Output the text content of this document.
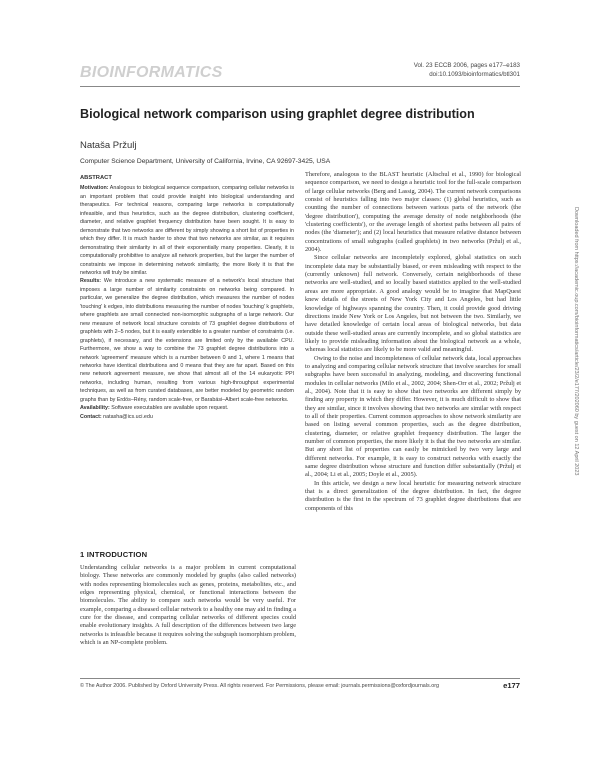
BIOINFORMATICS	Vol. 23 ECCB 2006, pages e177–e183
doi:10.1093/bioinformatics/btl301
Biological network comparison using graphlet degree distribution
Nataša Pržulj
Computer Science Department, University of California, Irvine, CA 92697-3425, USA

ABSTRACT

Motivation: Analogous to biological sequence comparison, comparing cellular networks is an important problem that could provide insight into biological understanding and therapeutics. For technical reasons, comparing large networks is computationally infeasible, and thus heuristics, such as the degree distribution, clustering coefficient, diameter, and relative graphlet frequency distribution have been sought. It is easy to demonstrate that two networks are different by simply showing a short list of properties in which they differ. It is much harder to show that two networks are similar, as it requires demonstrating their similarity in all of their exponentially many properties. Clearly, it is computationally prohibitive to analyze all network properties, but the larger the number of constraints we impose in determining network similarity, the more likely it is that the networks will truly be similar.

Results: We introduce a new systematic measure of a network's local structure that imposes a large number of similarity constraints on networks being compared. In particular, we generalize the degree distribution, which measures the number of nodes 'touching' k edges, into distributions measuring the number of nodes 'touching' k graphlets, where graphlets are small connected non-isomorphic subgraphs of a large network. Our new measure of network local structure consists of 73 graphlet degree distributions of graphlets with 2–5 nodes, but it is easily extendible to a greater number of constraints (i.e. graphlets), if necessary, and the extensions are limited only by the available CPU. Furthermore, we show a way to combine the 73 graphlet degree distributions into a network 'agreement' measure which is a number between 0 and 1, where 1 means that networks have identical distributions and 0 means that they are far apart. Based on this new network agreement measure, we show that almost all of the 14 eukaryotic PPI networks, including human, resulting from various high-throughput experimental techniques, as well as from curated databases, are better modeled by geometric random graphs than by Erdös–Rény, random scale-free, or Barabási–Albert scale-free networks.

Availability: Software executables are available upon request.

Contact: natasha@ics.uci.edu

1 INTRODUCTION

Understanding cellular networks is a major problem in current computational biology. These networks are commonly modeled by graphs (also called networks) with nodes representing biomolecules such as genes, proteins, metabolites, etc., and edges representing physical, chemical, or functional interactions between the biomolecules. The ability to compare such networks would be very useful. For example, comparing a diseased cellular network to a healthy one may aid in finding a cure for the disease, and comparing cellular networks of different species could enable evolutionary insights. A full description of the differences between two large networks is infeasible because it requires solving the subgraph isomorphism problem, which is an NP-complete problem.

Therefore, analogous to the BLAST heuristic (Altschul et al., 1990) for biological sequence comparison, we need to design a heuristic tool for the full-scale comparison of large cellular networks (Berg and Lassig, 2004). The current network comparisons consist of heuristics falling into two major classes: (1) global heuristics, such as counting the number of connections between various parts of the network (the 'degree distribution'), computing the average density of node neighborhoods (the 'clustering coefficients'), or the average length of shortest paths between all pairs of nodes (the 'diameter'); and (2) local heuristics that measure relative distance between concentrations of small subgraphs (called graphlets) in two networks (Pržulj et al., 2004).

Since cellular networks are incompletely explored, global statistics on such incomplete data may be substantially biased, or even misleading with respect to the (currently unknown) full network. Conversely, certain neighborhoods of these networks are well-studied, and so locally based statistics applied to the well-studied areas are more appropriate. A good analogy would be to imagine that MapQuest knew details of the streets of New York City and Los Angeles, but had little knowledge of highways spanning the country. Then, it could provide good driving directions inside New York or Los Angeles, but not between the two. Similarly, we have detailed knowledge of certain local areas of biological networks, but data outside these well-studied areas are currently incomplete, and so global statistics are likely to provide misleading information about the biological network as a whole, whereas local statistics are likely to be more valid and meaningful.

Owing to the noise and incompleteness of cellular network data, local approaches to analyzing and comparing cellular network structure that involve searches for small subgraphs have been successful in analyzing, modeling, and discovering functional modules in cellular networks (Milo et al., 2002, 2004; Shen-Orr et al., 2002; Pržulj et al., 2004). Note that it is easy to show that two networks are different simply by finding any property in which they differ. However, it is much difficult to show that they are similar, since it involves showing that two networks are similar with respect to all of their properties. Current common approaches to show network similarity are based on listing several common properties, such as the degree distribution, clustering, diameter, or relative graphlet frequency distribution. The larger the number of common properties, the more likely it is that the two networks are similar. But any short list of properties can easily be mimicked by two very large and different networks. For example, it is easy to construct networks with exactly the same degree distribution whose structure and function differ substantially (Pržulj et al., 2004; Li et al., 2005; Doyle et al., 2005).

In this article, we design a new local heuristic for measuring network structure that is a direct generalization of the degree distribution. In fact, the degree distribution is the first in the spectrum of 73 graphlet degree distributions that are components of this

© The Author 2006. Published by Oxford University Press. All rights reserved. For Permissions, please email: journals.permissions@oxfordjournals.org	e177
Downloaded from https://academic.oup.com/bioinformatics/article/23/2/e177/202060 by guest on 12 April 2023
